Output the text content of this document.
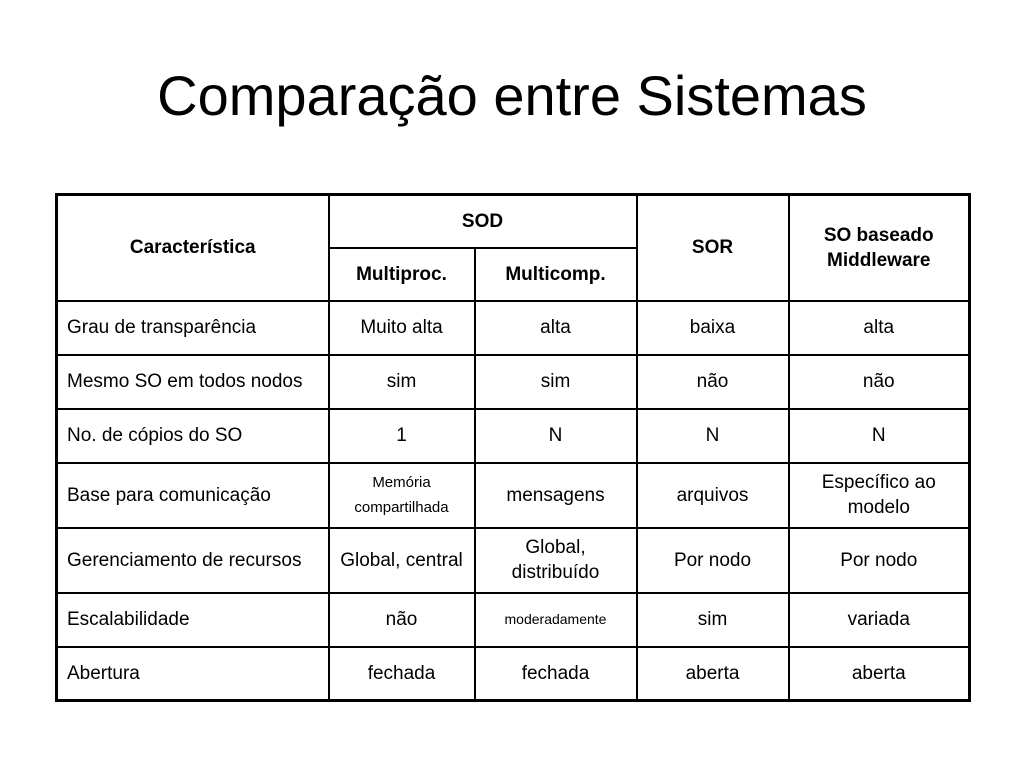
Comparação entre Sistemas
Característica	SOD		SOR	SO baseado
Middleware
	Multiproc.	Multicomp.		
Grau de transparência	Muito alta	alta	baixa	alta
Mesmo SO em todos nodos	sim	sim	não	não
No. de cópios do SO	1	N	N	N
Base para comunicação	Memória compartilhada	mensagens	arquivos	Específico ao modelo
Gerenciamento de recursos	Global, central	Global, distribuído	Por nodo	Por nodo
Escalabilidade	não	moderadamente	sim	variada
Abertura	fechada	fechada	aberta	aberta
